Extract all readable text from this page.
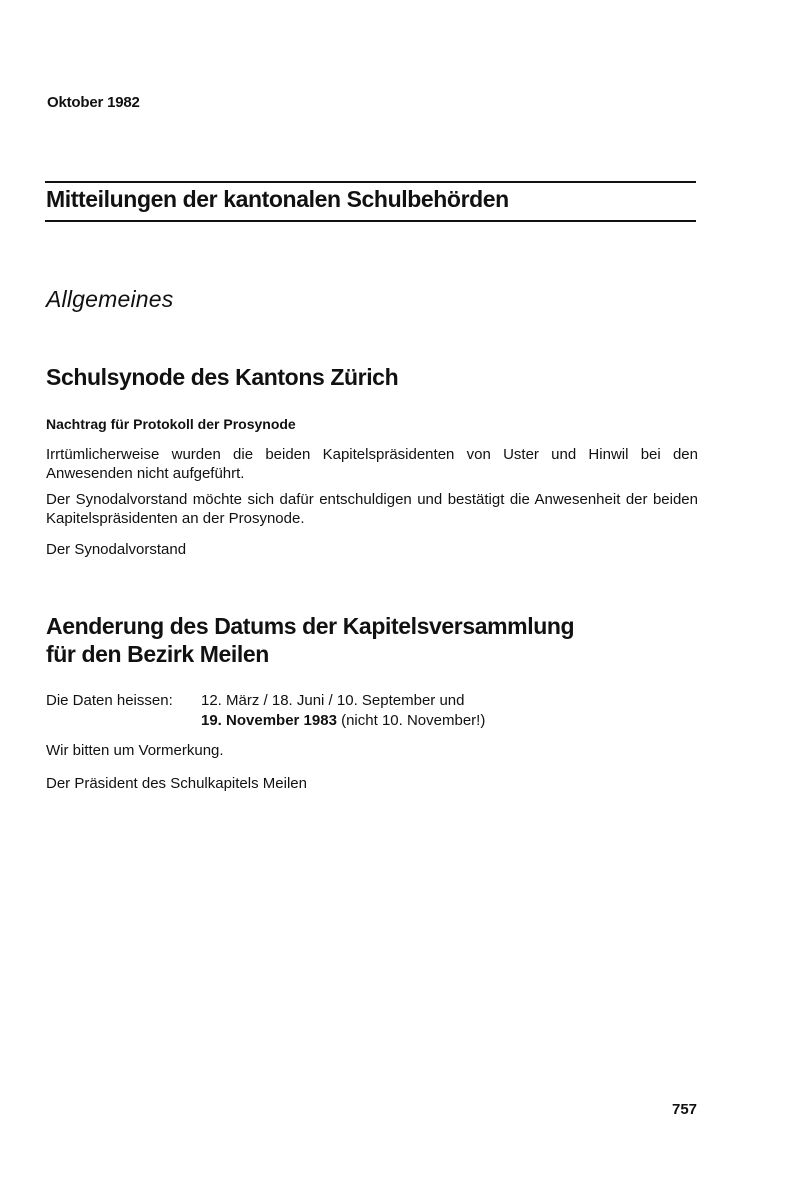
Oktober 1982
Mitteilungen der kantonalen Schulbehörden
Allgemeines
Schulsynode des Kantons Zürich
Nachtrag für Protokoll der Prosynode
Irrtümlicherweise wurden die beiden Kapitelspräsidenten von Uster und Hinwil bei den Anwesenden nicht aufgeführt.
Der Synodalvorstand möchte sich dafür entschuldigen und bestätigt die Anwesenheit der beiden Kapitelspräsidenten an der Prosynode.
Der Synodalvorstand
Aenderung des Datums der Kapitelsversammlung
für den Bezirk Meilen
Die Daten heissen: 12. März / 18. Juni / 10. September und
19. November 1983 (nicht 10. November!)
Wir bitten um Vormerkung.
Der Präsident des Schulkapitels Meilen
757
